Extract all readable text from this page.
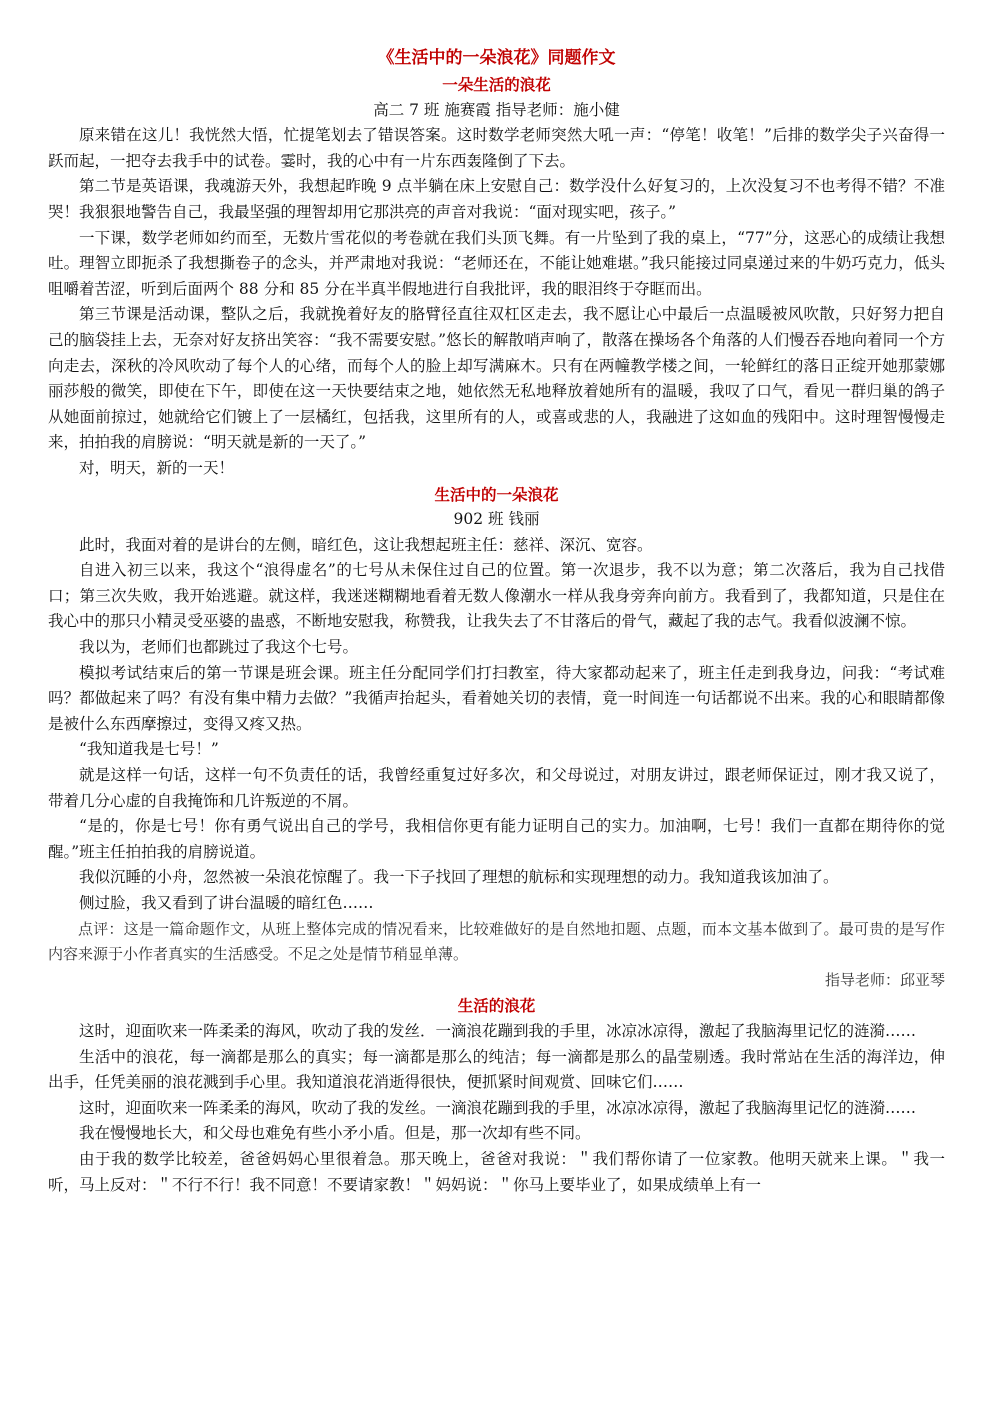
《生活中的一朵浪花》同题作文
一朵生活的浪花

高二 7 班 施赛霞 指导老师：施小健

原来错在这儿！我恍然大悟，忙提笔划去了错误答案。这时数学老师突然大吼一声：“停笔！收笔！”后排的数学尖子兴奋得一跃而起，一把夺去我手中的试卷。霎时，我的心中有一片东西轰隆倒了下去。

第二节是英语课，我魂游天外，我想起昨晚 9 点半躺在床上安慰自己：数学没什么好复习的，上次没复习不也考得不错？不准哭！我狠狠地警告自己，我最坚强的理智却用它那洪亮的声音对我说：“面对现实吧，孩子。”

一下课，数学老师如约而至，无数片雪花似的考卷就在我们头顶飞舞。有一片坠到了我的桌上，“77”分，这恶心的成绩让我想吐。理智立即扼杀了我想撕卷子的念头，并严肃地对我说：“老师还在，不能让她难堪。”我只能接过同桌递过来的牛奶巧克力，低头咀嚼着苦涩，听到后面两个 88 分和 85 分在半真半假地进行自我批评，我的眼泪终于夺眶而出。

第三节课是活动课，整队之后，我就挽着好友的胳臂径直往双杠区走去，我不愿让心中最后一点温暖被风吹散，只好努力把自己的脑袋挂上去，无奈对好友挤出笑容：“我不需要安慰。”悠长的解散哨声响了，散落在操场各个角落的人们慢吞吞地向着同一个方向走去，深秋的冷风吹动了每个人的心绪，而每个人的脸上却写满麻木。只有在两幢教学楼之间，一轮鲜红的落日正绽开她那蒙娜丽莎般的微笑，即使在下午，即使在这一天快要结束之地，她依然无私地释放着她所有的温暖，我叹了口气，看见一群归巢的鸽子从她面前掠过，她就给它们镀上了一层橘红，包括我，这里所有的人，或喜或悲的人，我融进了这如血的残阳中。这时理智慢慢走来，拍拍我的肩膀说：“明天就是新的一天了。”

对，明天，新的一天！

生活中的一朵浪花

902 班 钱丽

此时，我面对着的是讲台的左侧，暗红色，这让我想起班主任：慈祥、深沉、宽容。

自进入初三以来，我这个“浪得虚名”的七号从未保住过自己的位置。第一次退步，我不以为意；第二次落后，我为自己找借口；第三次失败，我开始逃避。就这样，我迷迷糊糊地看着无数人像潮水一样从我身旁奔向前方。我看到了，我都知道，只是住在我心中的那只小精灵受巫婆的蛊惑，不断地安慰我，称赞我，让我失去了不甘落后的骨气，藏起了我的志气。我看似波澜不惊。

我以为，老师们也都跳过了我这个七号。

模拟考试结束后的第一节课是班会课。班主任分配同学们打扫教室，待大家都动起来了，班主任走到我身边，问我：“考试难吗？都做起来了吗？有没有集中精力去做？”我循声抬起头，看着她关切的表情，竟一时间连一句话都说不出来。我的心和眼睛都像是被什么东西摩擦过，变得又疼又热。

“我知道我是七号！”

就是这样一句话，这样一句不负责任的话，我曾经重复过好多次，和父母说过，对朋友讲过，跟老师保证过，刚才我又说了，带着几分心虚的自我掩饰和几许叛逆的不屑。

“是的，你是七号！你有勇气说出自己的学号，我相信你更有能力证明自己的实力。加油啊，七号！我们一直都在期待你的觉醒。”班主任拍拍我的肩膀说道。

我似沉睡的小舟，忽然被一朵浪花惊醒了。我一下子找回了理想的航标和实现理想的动力。我知道我该加油了。

侧过脸，我又看到了讲台温暖的暗红色……

点评：这是一篇命题作文，从班上整体完成的情况看来，比较难做好的是自然地扣题、点题，而本文基本做到了。最可贵的是写作内容来源于小作者真实的生活感受。不足之处是情节稍显单薄。

指导老师：邱亚琴

生活的浪花

这时，迎面吹来一阵柔柔的海风，吹动了我的发丝．一滴浪花蹦到我的手里，冰凉冰凉得，激起了我脑海里记忆的涟漪……

生活中的浪花，每一滴都是那么的真实；每一滴都是那么的纯洁；每一滴都是那么的晶莹剔透。我时常站在生活的海洋边，伸出手，任凭美丽的浪花溅到手心里。我知道浪花消逝得很快，便抓紧时间观赏、回味它们……

这时，迎面吹来一阵柔柔的海风，吹动了我的发丝。一滴浪花蹦到我的手里，冰凉冰凉得，激起了我脑海里记忆的涟漪……

我在慢慢地长大，和父母也难免有些小矛小盾。但是，那一次却有些不同。

由于我的数学比较差，爸爸妈妈心里很着急。那天晚上，爸爸对我说：＂我们帮你请了一位家教。他明天就来上课。＂我一听，马上反对：＂不行不行！我不同意！不要请家教！＂妈妈说：＂你马上要毕业了，如果成绩单上有一
